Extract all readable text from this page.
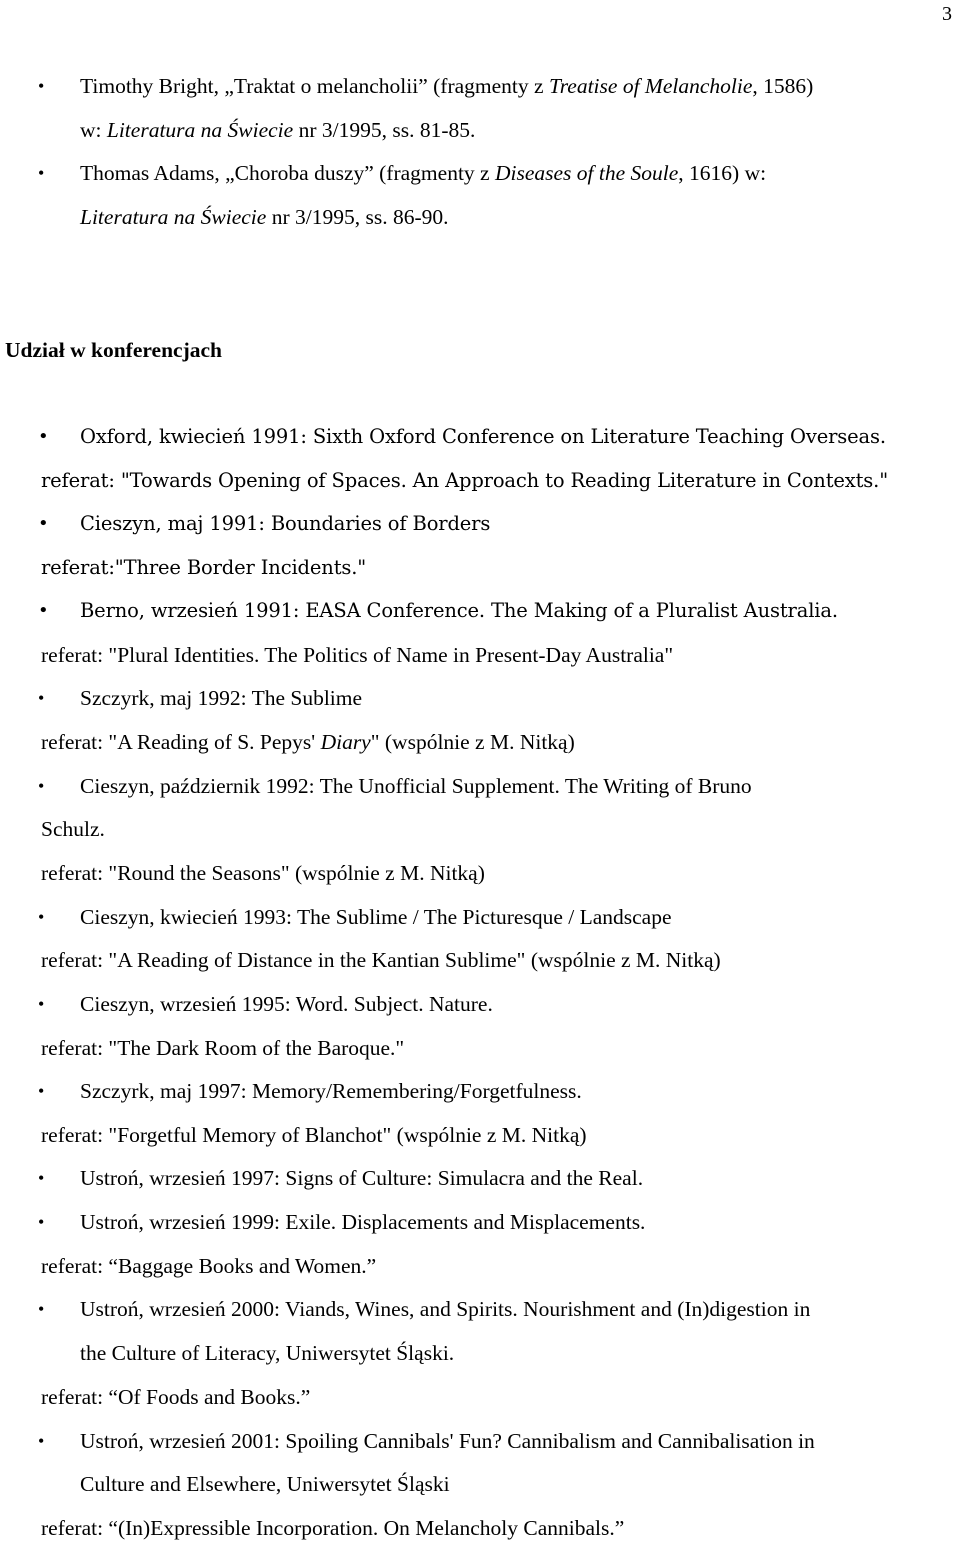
3
• Timothy Bright, „Traktat o melancholii” (fragmenty z Treatise of Melancholie, 1586)
w: Literatura na Świecie nr 3/1995, ss. 81-85.
• Thomas Adams, „Choroba duszy” (fragmenty z Diseases of the Soule, 1616) w:
Literatura na Świecie nr 3/1995, ss. 86-90.
Udział w konferencjach
• Oxford, kwiecień 1991: Sixth Oxford Conference on Literature Teaching Overseas.
referat: "Towards Opening of Spaces. An Approach to Reading Literature in Contexts."
• Cieszyn, maj 1991: Boundaries of Borders
referat:"Three Border Incidents."
• Berno, wrzesień 1991: EASA Conference. The Making of a Pluralist Australia.
referat: "Plural Identities. The Politics of Name in Present-Day Australia"
• Szczyrk, maj 1992: The Sublime
referat: "A Reading of S. Pepys' Diary" (wspólnie z M. Nitką)
• Cieszyn, październik 1992: The Unofficial Supplement. The Writing of Bruno
Schulz.
referat: "Round the Seasons" (wspólnie z M. Nitką)
• Cieszyn, kwiecień 1993: The Sublime / The Picturesque / Landscape
referat: "A Reading of Distance in the Kantian Sublime" (wspólnie z M. Nitką)
• Cieszyn, wrzesień 1995: Word. Subject. Nature.
referat: "The Dark Room of the Baroque."
• Szczyrk, maj 1997: Memory/Remembering/Forgetfulness.
referat: "Forgetful Memory of Blanchot" (wspólnie z M. Nitką)
• Ustroń, wrzesień 1997: Signs of Culture: Simulacra and the Real.
• Ustroń, wrzesień 1999: Exile. Displacements and Misplacements.
referat: “Baggage Books and Women.”
• Ustroń, wrzesień 2000: Viands, Wines, and Spirits. Nourishment and (In)digestion in
the Culture of Literacy, Uniwersytet Śląski.
referat: “Of Foods and Books.”
• Ustroń, wrzesień 2001: Spoiling Cannibals' Fun? Cannibalism and Cannibalisation in
Culture and Elsewhere, Uniwersytet Śląski
referat: “(In)Expressible Incorporation. On Melancholy Cannibals.”
